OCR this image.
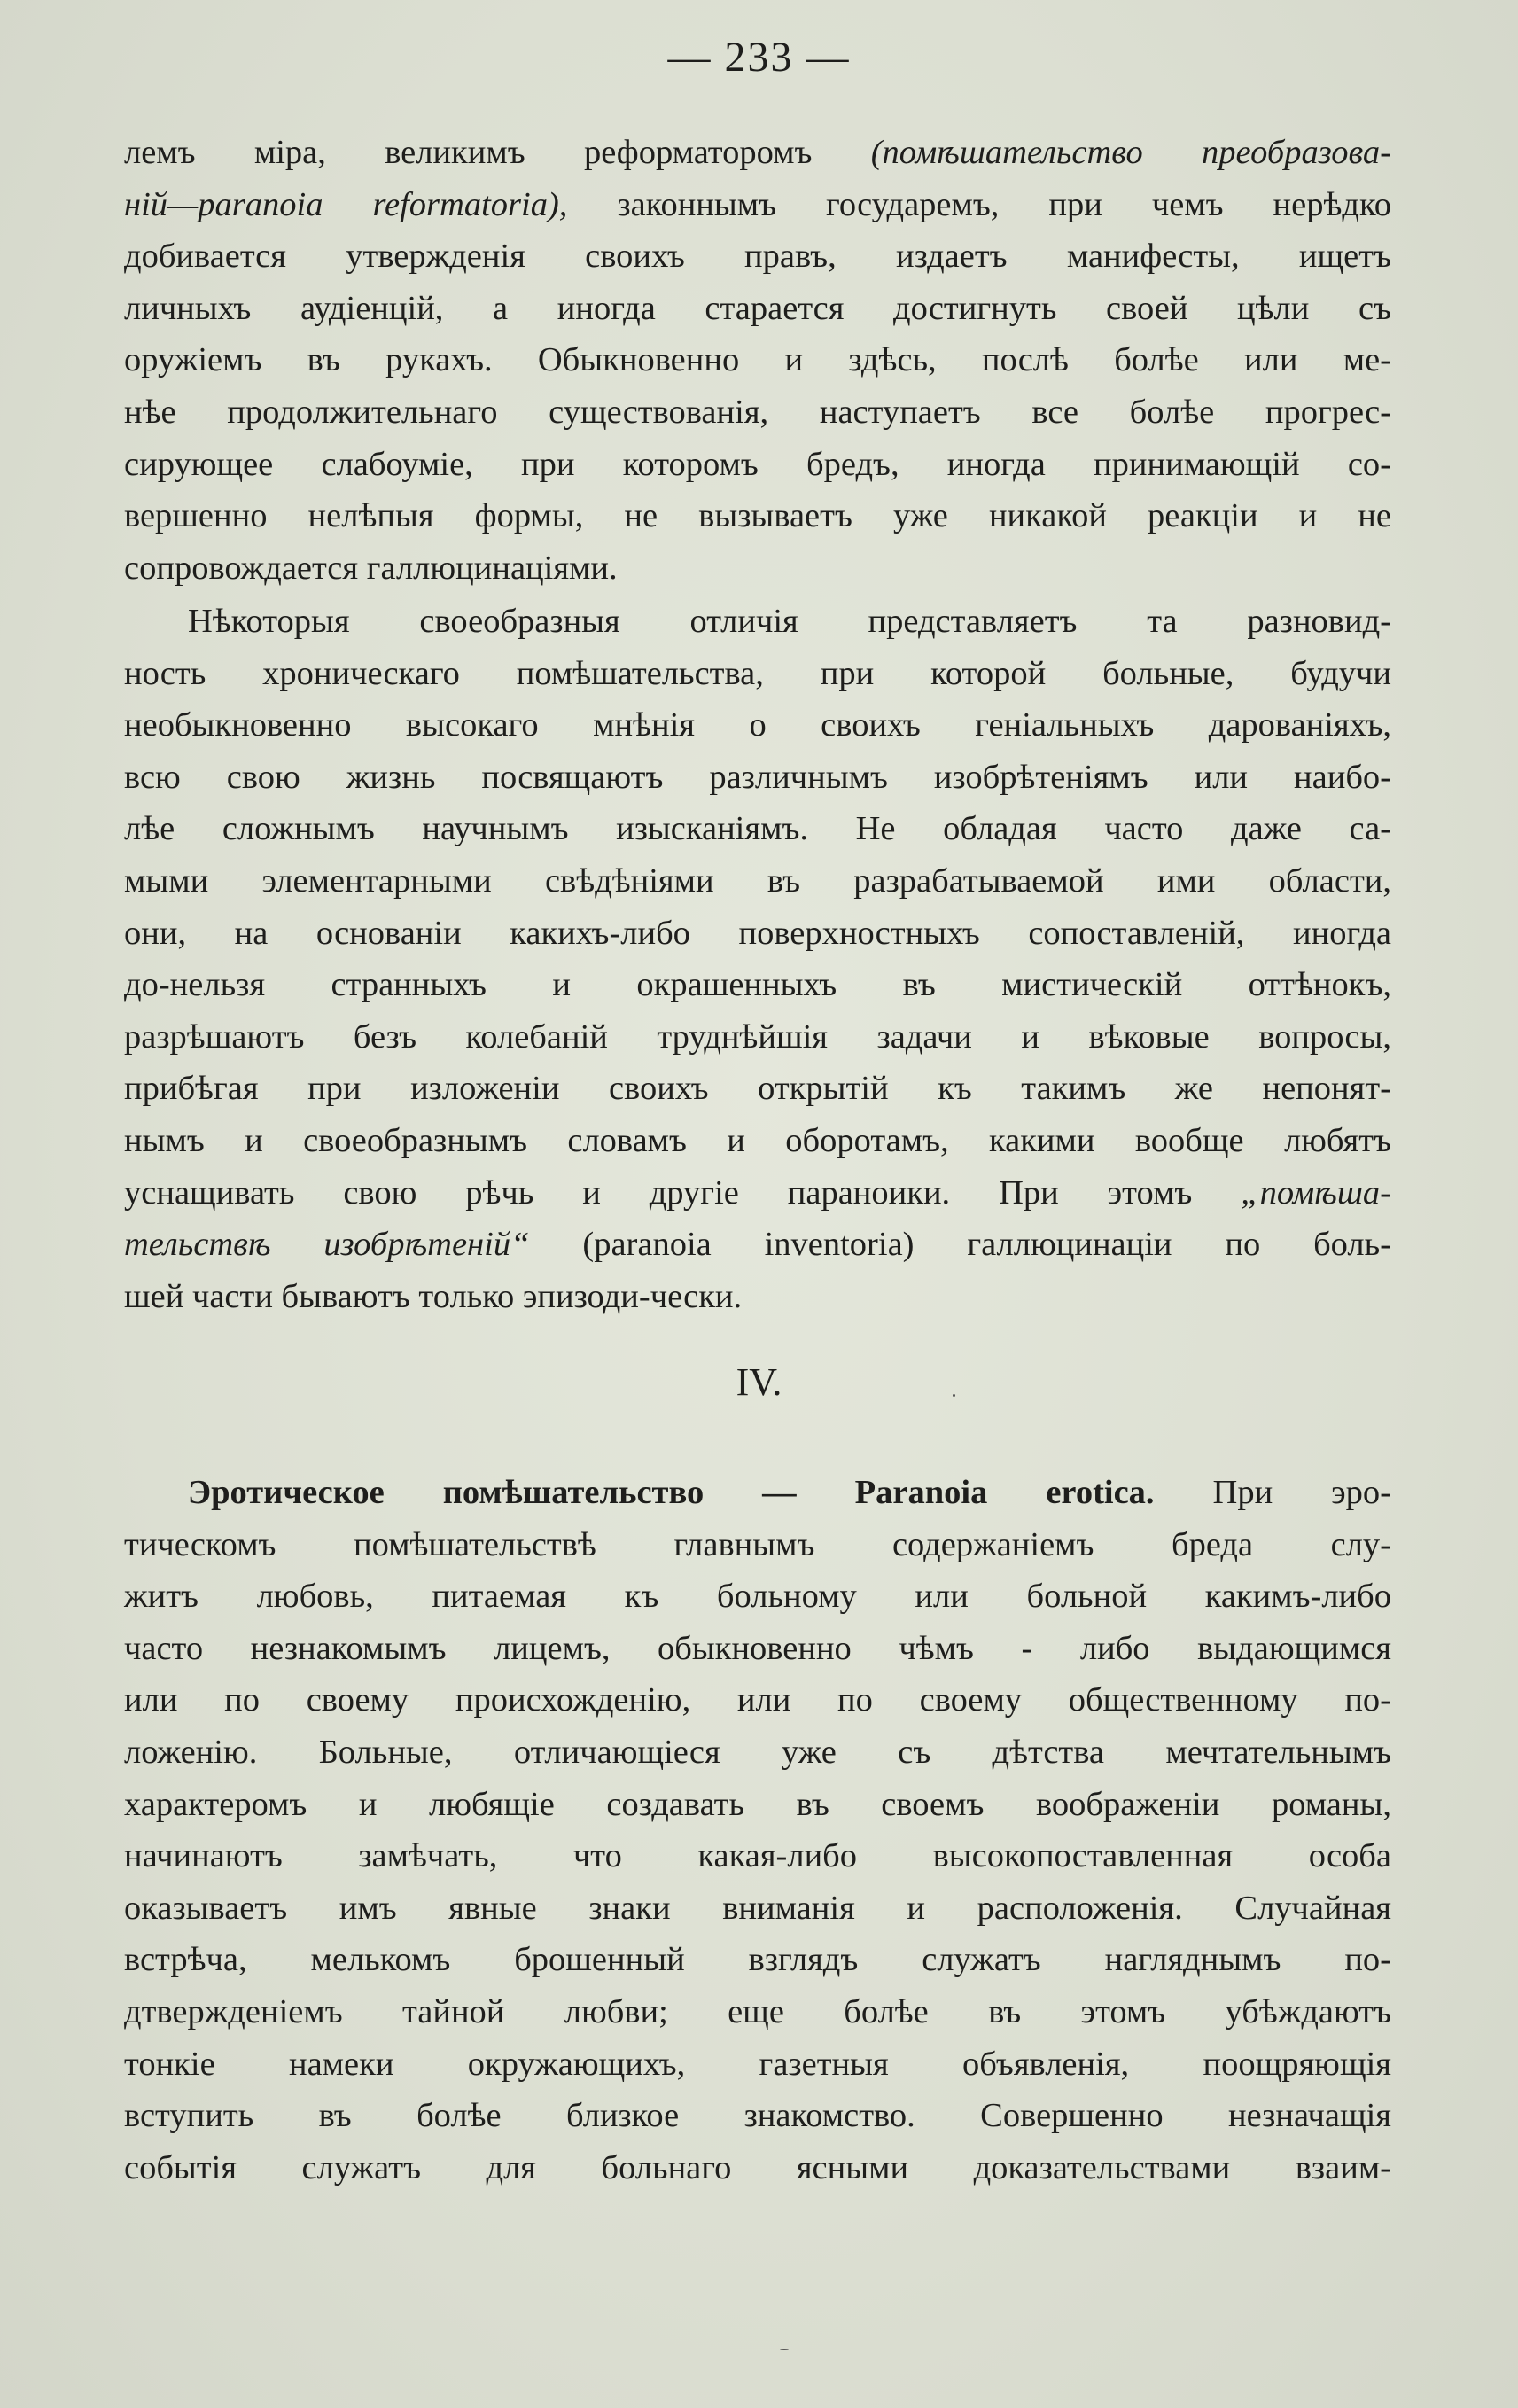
— 233 —
лемъ міра, великимъ реформаторомъ (помѣшательство преобразова-
ній—paranoia reformatoria), законнымъ государемъ, при чемъ нерѣдко
добивается утвержденія своихъ правъ, издаетъ манифесты, ищетъ
личныхъ аудіенцій, а иногда старается достигнуть своей цѣли съ
оружіемъ въ рукахъ. Обыкновенно и здѣсь, послѣ болѣе или ме-
нѣе продолжительнаго существованія, наступаетъ все болѣе прогрес-
сирующее слабоуміе, при которомъ бредъ, иногда принимающій со-
вершенно нелѣпыя формы, не вызываетъ уже никакой реакціи и не
сопровождается галлюцинаціями.
Нѣкоторыя своеобразныя отличія представляетъ та разновид-
ность хроническаго помѣшательства, при которой больные, будучи
необыкновенно высокаго мнѣнія о своихъ геніальныхъ дарованіяхъ,
всю свою жизнь посвящаютъ различнымъ изобрѣтеніямъ или наибо-
лѣе сложнымъ научнымъ изысканіямъ. Не обладая часто даже са-
мыми элементарными свѣдѣніями въ разрабатываемой ими области,
они, на основаніи какихъ-либо поверхностныхъ сопоставленій, иногда
до-нельзя странныхъ и окрашенныхъ въ мистическій оттѣнокъ,
разрѣшаютъ безъ колебаній труднѣйшія задачи и вѣковые вопросы,
прибѣгая при изложеніи своихъ открытій къ такимъ же непонят-
нымъ и своеобразнымъ словамъ и оборотамъ, какими вообще любятъ
уснащивать свою рѣчь и другіе параноики. При этомъ „помѣша-
тельствѣ изобрѣтеній“ (paranoia inventoria) галлюцинаціи по боль-
шей части бываютъ только эпизоди-чески.
IV.
Эротическое помѣшательство — Paranoia erotica. При эро-
тическомъ помѣшательствѣ главнымъ содержаніемъ бреда слу-
житъ любовь, питаемая къ больному или больной какимъ-либо
часто незнакомымъ лицемъ, обыкновенно чѣмъ - либо выдающимся
или по своему происхожденію, или по своему общественному по-
ложенію. Больные, отличающіеся уже съ дѣтства мечтательнымъ
характеромъ и любящіе создавать въ своемъ воображеніи романы,
начинаютъ замѣчать, что какая-либо высокопоставленная особа
оказываетъ имъ явные знаки вниманія и расположенія. Случайная
встрѣча, мелькомъ брошенный взглядъ служатъ нагляднымъ по-
дтвержденіемъ тайной любви; еще болѣе въ этомъ убѣждаютъ
тонкіе намеки окружающихъ, газетныя объявленія, поощряющія
вступить въ болѣе близкое знакомство. Совершенно незначащія
событія служатъ для больнаго ясными доказательствами взаим-
